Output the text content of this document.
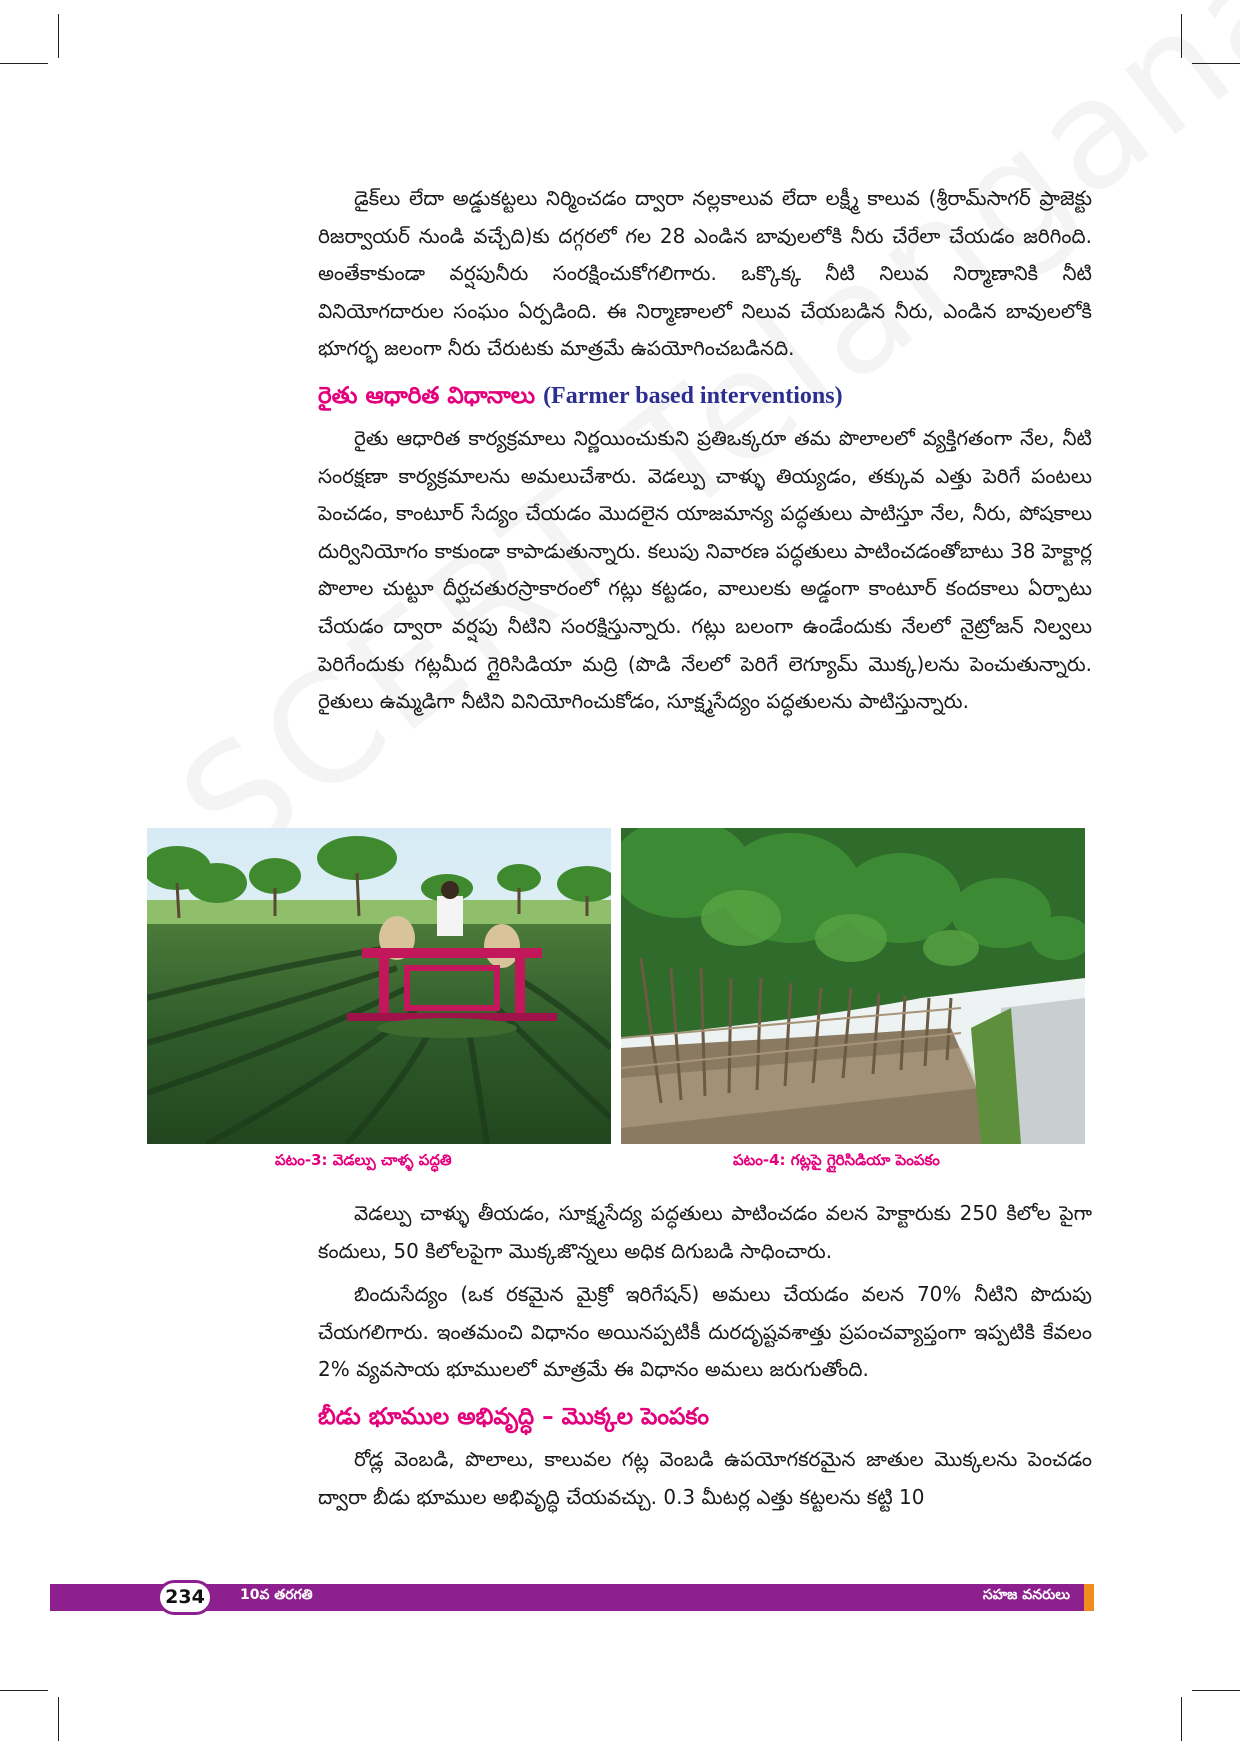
డైక్‌లు లేదా అడ్డుకట్టలు నిర్మించడం ద్వారా నల్లకాలువ లేదా లక్ష్మీ కాలువ (శ్రీరామ్‌సాగర్ ప్రాజెక్టు రిజర్వాయర్ నుండి వచ్చేది)కు దగ్గరలో గల 28 ఎండిన బావులలోకి నీరు చేరేలా చేయడం జరిగింది. అంతేకాకుండా వర్షపునీరు సంరక్షించుకోగలిగారు. ఒక్కొక్క నీటి నిలువ నిర్మాణానికి నీటి వినియోగదారుల సంఘం ఏర్పడింది. ఈ నిర్మాణాలలో నిలువ చేయబడిన నీరు, ఎండిన బావులలోకి భూగర్భ జలంగా నీరు చేరుటకు మాత్రమే ఉపయోగించబడినది.

రైతు ఆధారిత విధానాలు (Farmer based interventions)

రైతు ఆధారిత కార్యక్రమాలు నిర్ణయించుకుని ప్రతిఒక్కరూ తమ పొలాలలో వ్యక్తిగతంగా నేల, నీటి సంరక్షణా కార్యక్రమాలను అమలుచేశారు. వెడల్పు చాళ్ళు తియ్యడం, తక్కువ ఎత్తు పెరిగే పంటలు పెంచడం, కాంటూర్ సేద్యం చేయడం మొదలైన యాజమాన్య పద్ధతులు పాటిస్తూ నేల, నీరు, పోషకాలు దుర్వినియోగం కాకుండా కాపాడుతున్నారు. కలుపు నివారణ పద్ధతులు పాటించడంతోబాటు 38 హెక్టార్ల పొలాల చుట్టూ దీర్ఘచతురస్రాకారంలో గట్లు కట్టడం, వాలులకు అడ్డంగా కాంటూర్ కందకాలు ఏర్పాటు చేయడం ద్వారా వర్షపు నీటిని సంరక్షిస్తున్నారు. గట్లు బలంగా ఉండేందుకు నేలలో నైట్రోజన్ నిల్వలు పెరిగేందుకు గట్లమీద గ్లైరిసిడియా మద్రి (పొడి నేలలో పెరిగే లెగ్యూమ్ మొక్క)లను పెంచుతున్నారు. రైతులు ఉమ్మడిగా నీటిని వినియోగించుకోడం, సూక్ష్మసేద్యం పద్ధతులను పాటిస్తున్నారు.

పటం-3: వెడల్పు చాళ్ళ పద్ధతి	పటం-4: గట్లపై గ్లైరిసిడియా పెంపకం

వెడల్పు చాళ్ళు తీయడం, సూక్ష్మసేద్య పద్ధతులు పాటించడం వలన హెక్టారుకు 250 కిలోల పైగా కందులు, 50 కిలోలపైగా మొక్కజొన్నలు అధిక దిగుబడి సాధించారు.

బిందుసేద్యం (ఒక రకమైన మైక్రో ఇరిగేషన్) అమలు చేయడం వలన 70% నీటిని పొదుపు చేయగలిగారు. ఇంతమంచి విధానం అయినప్పటికీ దురదృష్టవశాత్తు ప్రపంచవ్యాప్తంగా ఇప్పటికి కేవలం 2% వ్యవసాయ భూములలో మాత్రమే ఈ విధానం అమలు జరుగుతోంది.

బీడు భూముల అభివృద్ధి – మొక్కల పెంపకం

రోడ్ల వెంబడి, పొలాలు, కాలువల గట్ల వెంబడి ఉపయోగకరమైన జాతుల మొక్కలను పెంచడం ద్వారా బీడు భూముల అభివృద్ధి చేయవచ్చు. 0.3 మీటర్ల ఎత్తు కట్టలను కట్టి 10

234	10వ తరగతి	సహజ వనరులు
